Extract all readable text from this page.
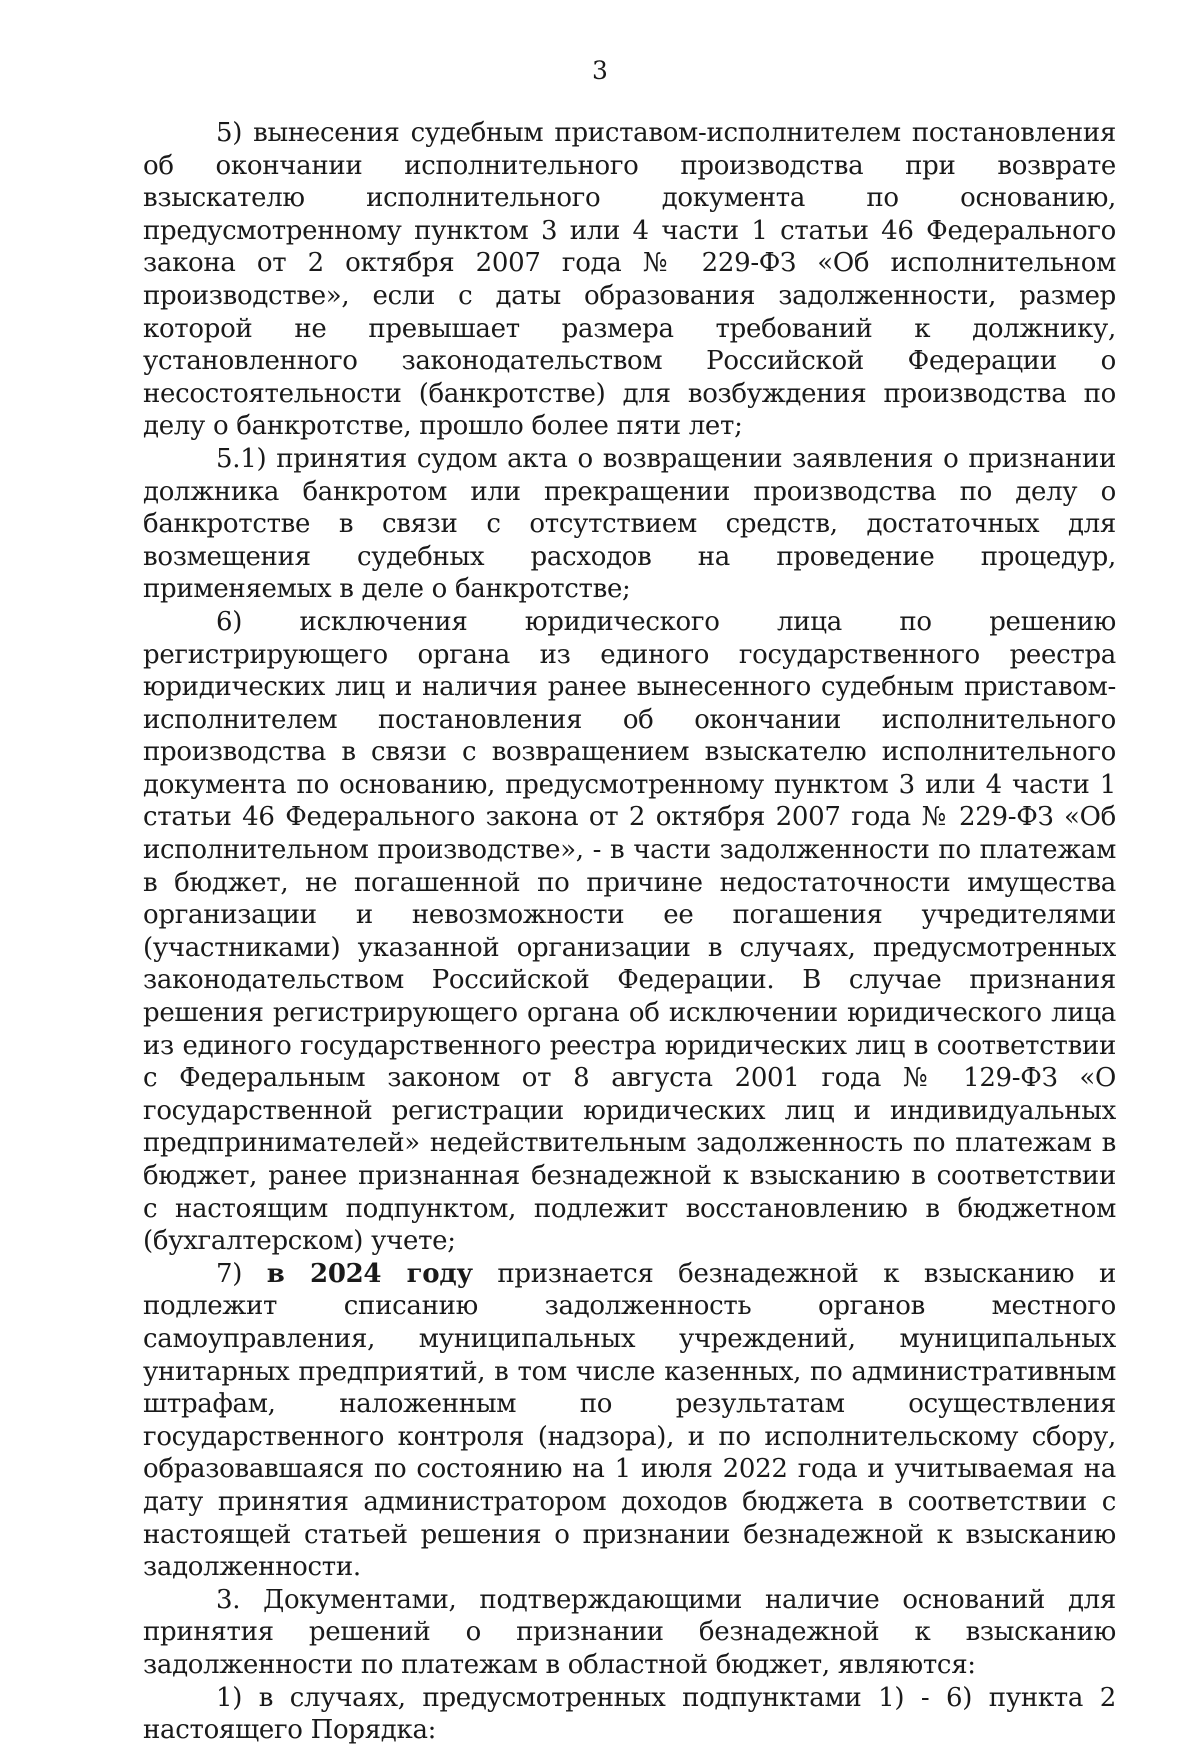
3

5) вынесения судебным приставом-исполнителем постановления об окончании исполнительного производства при возврате взыскателю исполнительного документа по основанию, предусмотренному пунктом 3 или 4 части 1 статьи 46 Федерального закона от 2 октября 2007 года № 229-ФЗ «Об исполнительном производстве», если с даты образования задолженности, размер которой не превышает размера требований к должнику, установленного законодательством Российской Федерации о несостоятельности (банкротстве) для возбуждения производства по делу о банкротстве, прошло более пяти лет;

5.1) принятия судом акта о возвращении заявления о признании должника банкротом или прекращении производства по делу о банкротстве в связи с отсутствием средств, достаточных для возмещения судебных расходов на проведение процедур, применяемых в деле о банкротстве;

6) исключения юридического лица по решению регистрирующего органа из единого государственного реестра юридических лиц и наличия ранее вынесенного судебным приставом-исполнителем постановления об окончании исполнительного производства в связи с возвращением взыскателю исполнительного документа по основанию, предусмотренному пунктом 3 или 4 части 1 статьи 46 Федерального закона от 2 октября 2007 года № 229-ФЗ «Об исполнительном производстве», - в части задолженности по платежам в бюджет, не погашенной по причине недостаточности имущества организации и невозможности ее погашения учредителями (участниками) указанной организации в случаях, предусмотренных законодательством Российской Федерации. В случае признания решения регистрирующего органа об исключении юридического лица из единого государственного реестра юридических лиц в соответствии с Федеральным законом от 8 августа 2001 года № 129-ФЗ «О государственной регистрации юридических лиц и индивидуальных предпринимателей» недействительным задолженность по платежам в бюджет, ранее признанная безнадежной к взысканию в соответствии с настоящим подпунктом, подлежит восстановлению в бюджетном (бухгалтерском) учете;

7) в 2024 году признается безнадежной к взысканию и подлежит списанию задолженность органов местного самоуправления, муниципальных учреждений, муниципальных унитарных предприятий, в том числе казенных, по административным штрафам, наложенным по результатам осуществления государственного контроля (надзора), и по исполнительскому сбору, образовавшаяся по состоянию на 1 июля 2022 года и учитываемая на дату принятия администратором доходов бюджета в соответствии с настоящей статьей решения о признании безнадежной к взысканию задолженности.

3. Документами, подтверждающими наличие оснований для принятия решений о признании безнадежной к взысканию задолженности по платежам в областной бюджет, являются:

1) в случаях, предусмотренных подпунктами 1) - 6) пункта 2 настоящего Порядка:
